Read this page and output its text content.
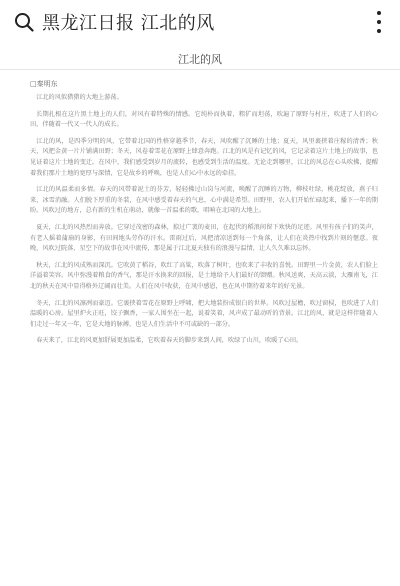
黑龙江日报 江北的风
江北的风
□秦明东

江北的风似猎猎的大地上游荡。

长期扎根在这片黑土地上的人们，对风有着特殊的情感。它纯朴而执着，粗犷而坦荡，吹遍了原野与村庄，吹进了人们的心田，伴随着一代又一代人的成长。

江北的风，是四季分明的风，它带着北国的性格穿越季节，春天，风吹醒了沉睡的土地；夏天，风里裹挟着庄稼的清香；秋天，风把金黄一片片铺满田野；冬天，风卷着雪花在原野上肆意奔跑。江北的风是有记忆的风，它记录着这片土地上的故事，也见证着这片土地的变迁。在风中，我们感受到岁月的流转，也感受到生活的温度。无论走到哪里，江北的风总在心头吹拂，提醒着我们那片土地的宽厚与深情，它是故乡的呼唤，也是人们心中永远的牵挂。

江北的风温柔而多情。春天的风带着泥土的芬芳，轻轻拂过山岗与河流，唤醒了沉睡的万物，柳枝吐绿，桃花绽放，燕子归来，冰雪消融。人们脱下厚重的冬装，在风中感受着春天的气息，心中满是希望。田野里，农人们开始忙碌起来，播下一年的期盼。风吹过的地方，总有新的生机在萌动，就像一首温柔的歌，唱响在北国的大地上。

夏天，江北的风热烈而奔放。它穿过茂密的森林，掠过广袤的麦田，在起伏的稻浪间留下欢快的足迹。风里有孩子们的笑声，有老人摇着蒲扇的身影，有田间地头劳作的汗水。雷雨过后，风把清凉送到每一个角落，让人们在炎热中找到片刻的惬意。夜晚，风吹过院落，星空下的故事在风中流传，那是属于江北夏天独有的浪漫与温情，让人久久难以忘怀。

秋天，江北的风成熟而深沉。它吹黄了稻谷，吹红了高粱，吹落了树叶，也吹来了丰收的喜悦。田野里一片金黄，农人们脸上洋溢着笑容。风中弥漫着粮食的香气，那是汗水换来的回报，是土地给予人们最好的馈赠。秋风送爽，天高云淡，大雁南飞，江北的秋天在风中显得格外辽阔而壮美。人们在风中收获，在风中感恩，也在风中期待着来年的好光景。

冬天，江北的风凛冽而豪迈。它裹挟着雪花在原野上呼啸，把大地装扮成银白的世界。风吹过屋檐，吹过窗棂，也吹进了人们温暖的心房。屋里炉火正旺，饺子飘香，一家人围坐在一起，说着笑着，风声成了最动听的背景。江北的风，就是这样伴随着人们走过一年又一年，它是大地的脉搏，也是人们生活中不可或缺的一部分。

春天来了，江北的风更加舒展更加温柔，它吹着春天的脚步来到人间，吹绿了山川，吹暖了心田。
